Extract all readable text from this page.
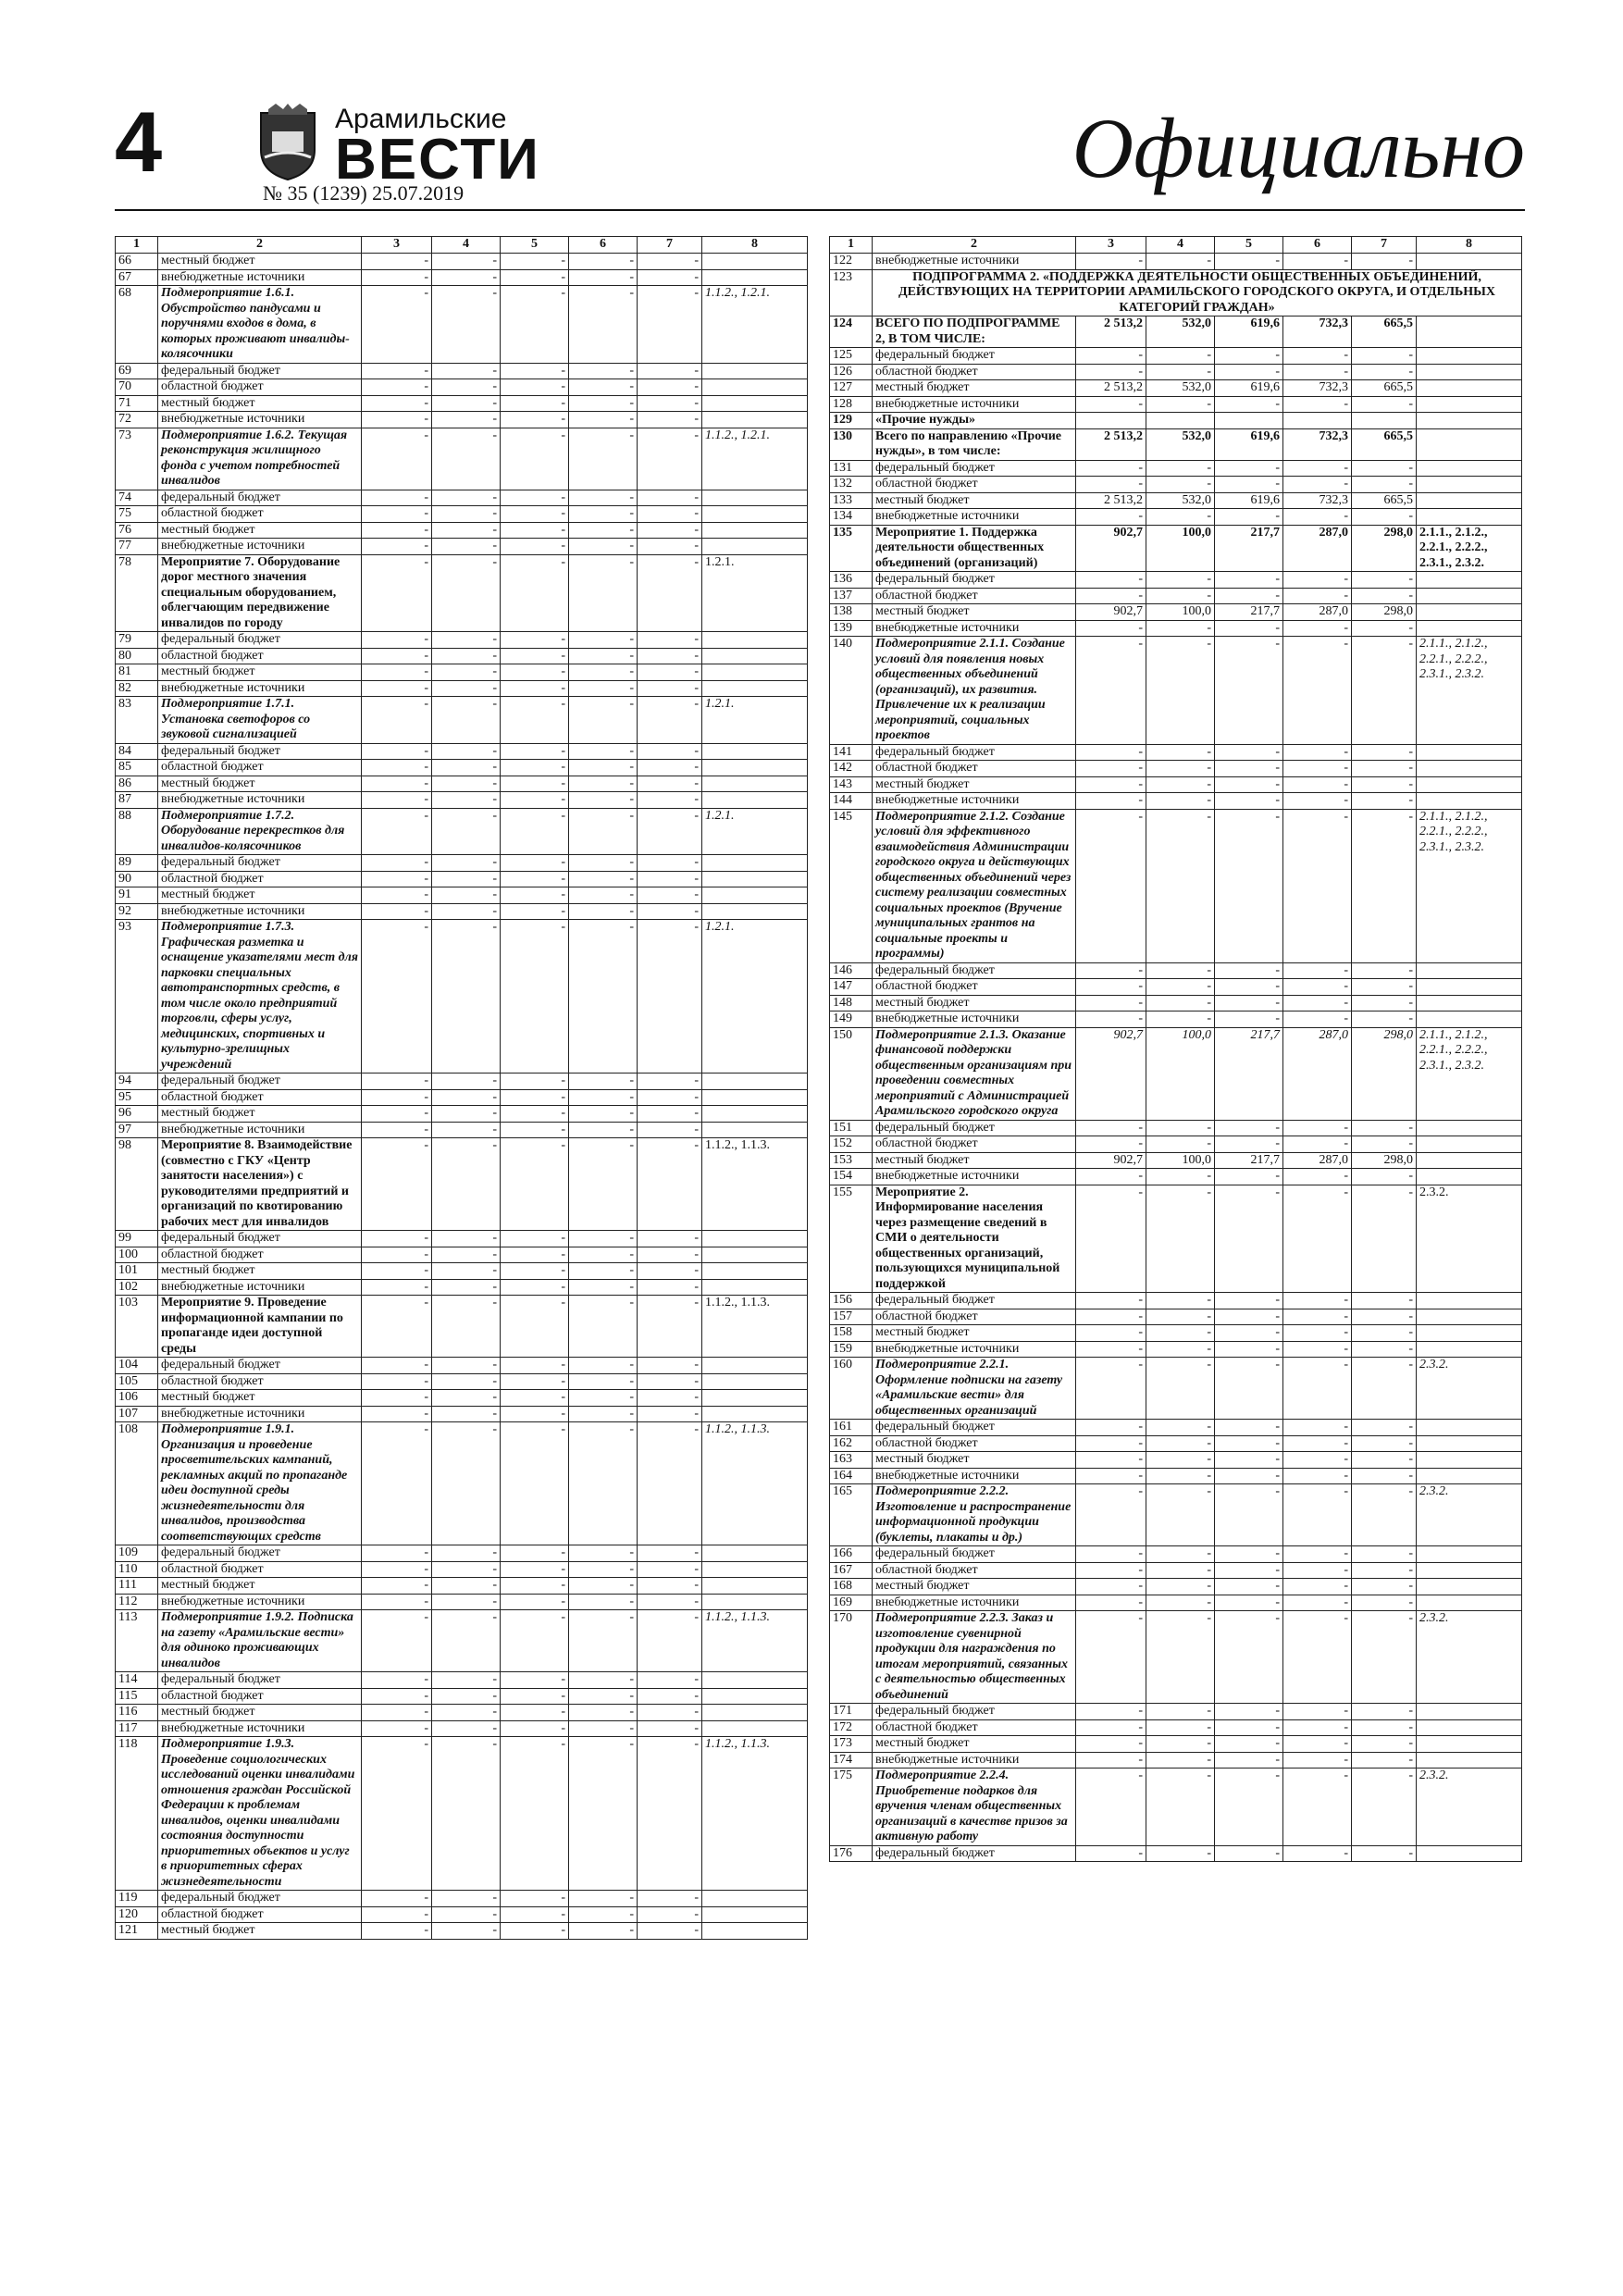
4	Арамильские
ВЕСТИ
№ 35 (1239) 25.07.2019	Официально
1	2	3	4	5	6	7	8
66	местный бюджет	-	-	-	-	-	
67	внебюджетные источники	-	-	-	-	-	
68	Подмероприятие 1.6.1. Обустройство пандусами и поручнями входов в дома, в которых проживают инвалиды-колясочники	-	-	-	-	-	1.1.2., 1.2.1.
69	федеральный бюджет	-	-	-	-	-	
70	областной бюджет	-	-	-	-	-	
71	местный бюджет	-	-	-	-	-	
72	внебюджетные источники	-	-	-	-	-	
73	Подмероприятие 1.6.2. Текущая реконструкция жилищного фонда с учетом потребностей инвалидов	-	-	-	-	-	1.1.2., 1.2.1.
74	федеральный бюджет	-	-	-	-	-	
75	областной бюджет	-	-	-	-	-	
76	местный бюджет	-	-	-	-	-	
77	внебюджетные источники	-	-	-	-	-	
78	Мероприятие 7. Оборудование дорог местного значения специальным оборудованием, облегчающим передвижение инвалидов по городу	-	-	-	-	-	1.2.1.
79	федеральный бюджет	-	-	-	-	-	
80	областной бюджет	-	-	-	-	-	
81	местный бюджет	-	-	-	-	-	
82	внебюджетные источники	-	-	-	-	-	
83	Подмероприятие 1.7.1. Установка светофоров со звуковой сигнализацией	-	-	-	-	-	1.2.1.
84	федеральный бюджет	-	-	-	-	-	
85	областной бюджет	-	-	-	-	-	
86	местный бюджет	-	-	-	-	-	
87	внебюджетные источники	-	-	-	-	-	
88	Подмероприятие 1.7.2. Оборудование перекрестков для инвалидов-колясочников	-	-	-	-	-	1.2.1.
89	федеральный бюджет	-	-	-	-	-	
90	областной бюджет	-	-	-	-	-	
91	местный бюджет	-	-	-	-	-	
92	внебюджетные источники	-	-	-	-	-	
93	Подмероприятие 1.7.3. Графическая разметка и оснащение указателями мест для парковки специальных автотранспортных средств, в том числе около предприятий торговли, сферы услуг, медицинских, спортивных и культурно-зрелищных учреждений	-	-	-	-	-	1.2.1.
94	федеральный бюджет	-	-	-	-	-	
95	областной бюджет	-	-	-	-	-	
96	местный бюджет	-	-	-	-	-	
97	внебюджетные источники	-	-	-	-	-	
98	Мероприятие 8. Взаимодействие (совместно с ГКУ «Центр занятости населения») с руководителями предприятий и организаций по квотированию рабочих мест для инвалидов	-	-	-	-	-	1.1.2., 1.1.3.
99	федеральный бюджет	-	-	-	-	-	
100	областной бюджет	-	-	-	-	-	
101	местный бюджет	-	-	-	-	-	
102	внебюджетные источники	-	-	-	-	-	
103	Мероприятие 9. Проведение информационной кампании по пропаганде идеи доступной среды	-	-	-	-	-	1.1.2., 1.1.3.
104	федеральный бюджет	-	-	-	-	-	
105	областной бюджет	-	-	-	-	-	
106	местный бюджет	-	-	-	-	-	
107	внебюджетные источники	-	-	-	-	-	
108	Подмероприятие 1.9.1. Организация и проведение просветительских кампаний, рекламных акций по пропаганде идеи доступной среды жизнедеятельности для инвалидов, производства соответствующих средств	-	-	-	-	-	1.1.2., 1.1.3.
109	федеральный бюджет	-	-	-	-	-	
110	областной бюджет	-	-	-	-	-	
111	местный бюджет	-	-	-	-	-	
112	внебюджетные источники	-	-	-	-	-	
113	Подмероприятие 1.9.2. Подписка на газету «Арамильские вести» для одиноко проживающих инвалидов	-	-	-	-	-	1.1.2., 1.1.3.
114	федеральный бюджет	-	-	-	-	-	
115	областной бюджет	-	-	-	-	-	
116	местный бюджет	-	-	-	-	-	
117	внебюджетные источники	-	-	-	-	-	
118	Подмероприятие 1.9.3. Проведение социологических исследований оценки инвалидами отношения граждан Российской Федерации к проблемам инвалидов, оценки инвалидами состояния доступности приоритетных объектов и услуг в приоритетных сферах жизнедеятельности	-	-	-	-	-	1.1.2., 1.1.3.
119	федеральный бюджет	-	-	-	-	-	
120	областной бюджет	-	-	-	-	-	
121	местный бюджет	-	-	-	-	-	
1	2	3	4	5	6	7	8
122	внебюджетные источники	-	-	-	-	-	
123	ПОДПРОГРАММА 2. «ПОДДЕРЖКА ДЕЯТЕЛЬНОСТИ ОБЩЕСТВЕННЫХ ОБЪЕДИНЕНИЙ, ДЕЙСТВУЮЩИХ НА ТЕРРИТОРИИ АРАМИЛЬСКОГО ГОРОДСКОГО ОКРУГА, И ОТДЕЛЬНЫХ КАТЕГОРИЙ ГРАЖДАН»						
124	ВСЕГО ПО ПОДПРОГРАММЕ 2, В ТОМ ЧИСЛЕ:	2 513,2	532,0	619,6	732,3	665,5	
125	федеральный бюджет	-	-	-	-	-	
126	областной бюджет	-	-	-	-	-	
127	местный бюджет	2 513,2	532,0	619,6	732,3	665,5	
128	внебюджетные источники	-	-	-	-	-	
129	«Прочие нужды»						
130	Всего по направлению «Прочие нужды», в том числе:	2 513,2	532,0	619,6	732,3	665,5	
131	федеральный бюджет	-	-	-	-	-	
132	областной бюджет	-	-	-	-	-	
133	местный бюджет	2 513,2	532,0	619,6	732,3	665,5	
134	внебюджетные источники	-	-	-	-	-	
135	Мероприятие 1. Поддержка деятельности общественных объединений (организаций)	902,7	100,0	217,7	287,0	298,0	2.1.1., 2.1.2., 2.2.1., 2.2.2., 2.3.1., 2.3.2.
136	федеральный бюджет	-	-	-	-	-	
137	областной бюджет	-	-	-	-	-	
138	местный бюджет	902,7	100,0	217,7	287,0	298,0	
139	внебюджетные источники	-	-	-	-	-	
140	Подмероприятие 2.1.1. Создание условий для появления новых общественных объединений (организаций), их развития. Привлечение их к реализации мероприятий, социальных проектов	-	-	-	-	-	2.1.1., 2.1.2., 2.2.1., 2.2.2., 2.3.1., 2.3.2.
141	федеральный бюджет	-	-	-	-	-	
142	областной бюджет	-	-	-	-	-	
143	местный бюджет	-	-	-	-	-	
144	внебюджетные источники	-	-	-	-	-	
145	Подмероприятие 2.1.2. Создание условий для эффективного взаимодействия Администрации городского округа и действующих общественных объединений через систему реализации совместных социальных проектов (Вручение муниципальных грантов на социальные проекты и программы)	-	-	-	-	-	2.1.1., 2.1.2., 2.2.1., 2.2.2., 2.3.1., 2.3.2.
146	федеральный бюджет	-	-	-	-	-	
147	областной бюджет	-	-	-	-	-	
148	местный бюджет	-	-	-	-	-	
149	внебюджетные источники	-	-	-	-	-	
150	Подмероприятие 2.1.3. Оказание финансовой поддержки общественным организациям при проведении совместных мероприятий с Администрацией Арамильского городского округа	902,7	100,0	217,7	287,0	298,0	2.1.1., 2.1.2., 2.2.1., 2.2.2., 2.3.1., 2.3.2.
151	федеральный бюджет	-	-	-	-	-	
152	областной бюджет	-	-	-	-	-	
153	местный бюджет	902,7	100,0	217,7	287,0	298,0	
154	внебюджетные источники	-	-	-	-	-	
155	Мероприятие 2. Информирование населения через размещение сведений в СМИ о деятельности общественных организаций, пользующихся муниципальной поддержкой	-	-	-	-	-	2.3.2.
156	федеральный бюджет	-	-	-	-	-	
157	областной бюджет	-	-	-	-	-	
158	местный бюджет	-	-	-	-	-	
159	внебюджетные источники	-	-	-	-	-	
160	Подмероприятие 2.2.1. Оформление подписки на газету «Арамильские вести» для общественных организаций	-	-	-	-	-	2.3.2.
161	федеральный бюджет	-	-	-	-	-	
162	областной бюджет	-	-	-	-	-	
163	местный бюджет	-	-	-	-	-	
164	внебюджетные источники	-	-	-	-	-	
165	Подмероприятие 2.2.2. Изготовление и распространение информационной продукции (буклеты, плакаты и др.)	-	-	-	-	-	2.3.2.
166	федеральный бюджет	-	-	-	-	-	
167	областной бюджет	-	-	-	-	-	
168	местный бюджет	-	-	-	-	-	
169	внебюджетные источники	-	-	-	-	-	
170	Подмероприятие 2.2.3. Заказ и изготовление сувенирной продукции для награждения по итогам мероприятий, связанных с деятельностью общественных объединений	-	-	-	-	-	2.3.2.
171	федеральный бюджет	-	-	-	-	-	
172	областной бюджет	-	-	-	-	-	
173	местный бюджет	-	-	-	-	-	
174	внебюджетные источники	-	-	-	-	-	
175	Подмероприятие 2.2.4. Приобретение подарков для вручения членам общественных организаций в качестве призов за активную работу	-	-	-	-	-	2.3.2.
176	федеральный бюджет	-	-	-	-	-	
